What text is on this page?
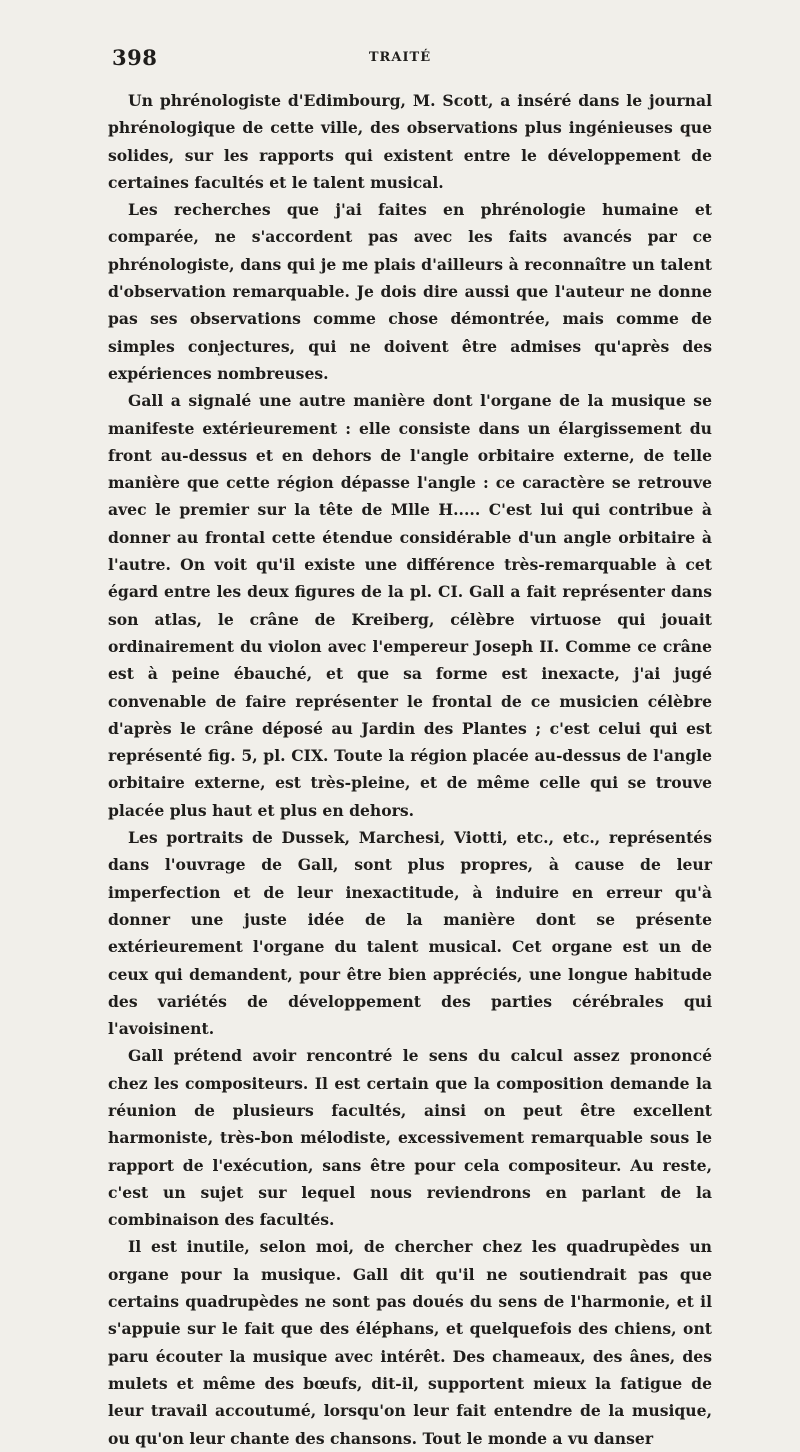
398	TRAITÉ

Un phrénologiste d'Edimbourg, M. Scott, a inséré dans le journal phrénologique de cette ville, des observations plus ingénieuses que solides, sur les rapports qui existent entre le développement de certaines facultés et le talent musical.

Les recherches que j'ai faites en phrénologie humaine et comparée, ne s'accordent pas avec les faits avancés par ce phrénologiste, dans qui je me plais d'ailleurs à reconnaître un talent d'observation remarquable. Je dois dire aussi que l'auteur ne donne pas ses observations comme chose démontrée, mais comme de simples conjectures, qui ne doivent être admises qu'après des expériences nombreuses.

Gall a signalé une autre manière dont l'organe de la musique se manifeste extérieurement : elle consiste dans un élargissement du front au-dessus et en dehors de l'angle orbitaire externe, de telle manière que cette région dépasse l'angle : ce caractère se retrouve avec le premier sur la tête de Mlle H..... C'est lui qui contribue à donner au frontal cette étendue considérable d'un angle orbitaire à l'autre. On voit qu'il existe une différence très-remarquable à cet égard entre les deux figures de la pl. CI. Gall a fait représenter dans son atlas, le crâne de Kreiberg, célèbre virtuose qui jouait ordinairement du violon avec l'empereur Joseph II. Comme ce crâne est à peine ébauché, et que sa forme est inexacte, j'ai jugé convenable de faire représenter le frontal de ce musicien célèbre d'après le crâne déposé au Jardin des Plantes ; c'est celui qui est représenté fig. 5, pl. CIX. Toute la région placée au-dessus de l'angle orbitaire externe, est très-pleine, et de même celle qui se trouve placée plus haut et plus en dehors.

Les portraits de Dussek, Marchesi, Viotti, etc., etc., représentés dans l'ouvrage de Gall, sont plus propres, à cause de leur imperfection et de leur inexactitude, à induire en erreur qu'à donner une juste idée de la manière dont se présente extérieurement l'organe du talent musical. Cet organe est un de ceux qui demandent, pour être bien appréciés, une longue habitude des variétés de développement des parties cérébrales qui l'avoisinent.

Gall prétend avoir rencontré le sens du calcul assez prononcé chez les compositeurs. Il est certain que la composition demande la réunion de plusieurs facultés, ainsi on peut être excellent harmoniste, très-bon mélodiste, excessivement remarquable sous le rapport de l'exécution, sans être pour cela compositeur. Au reste, c'est un sujet sur lequel nous reviendrons en parlant de la combinaison des facultés.

Il est inutile, selon moi, de chercher chez les quadrupèdes un organe pour la musique. Gall dit qu'il ne soutiendrait pas que certains quadrupèdes ne sont pas doués du sens de l'harmonie, et il s'appuie sur le fait que des éléphans, et quelquefois des chiens, ont paru écouter la musique avec intérêt. Des chameaux, des ânes, des mulets et même des bœufs, dit-il, supportent mieux la fatigue de leur travail accoutumé, lorsqu'on leur fait entendre de la musique, ou qu'on leur chante des chansons. Tout le monde a vu danser
